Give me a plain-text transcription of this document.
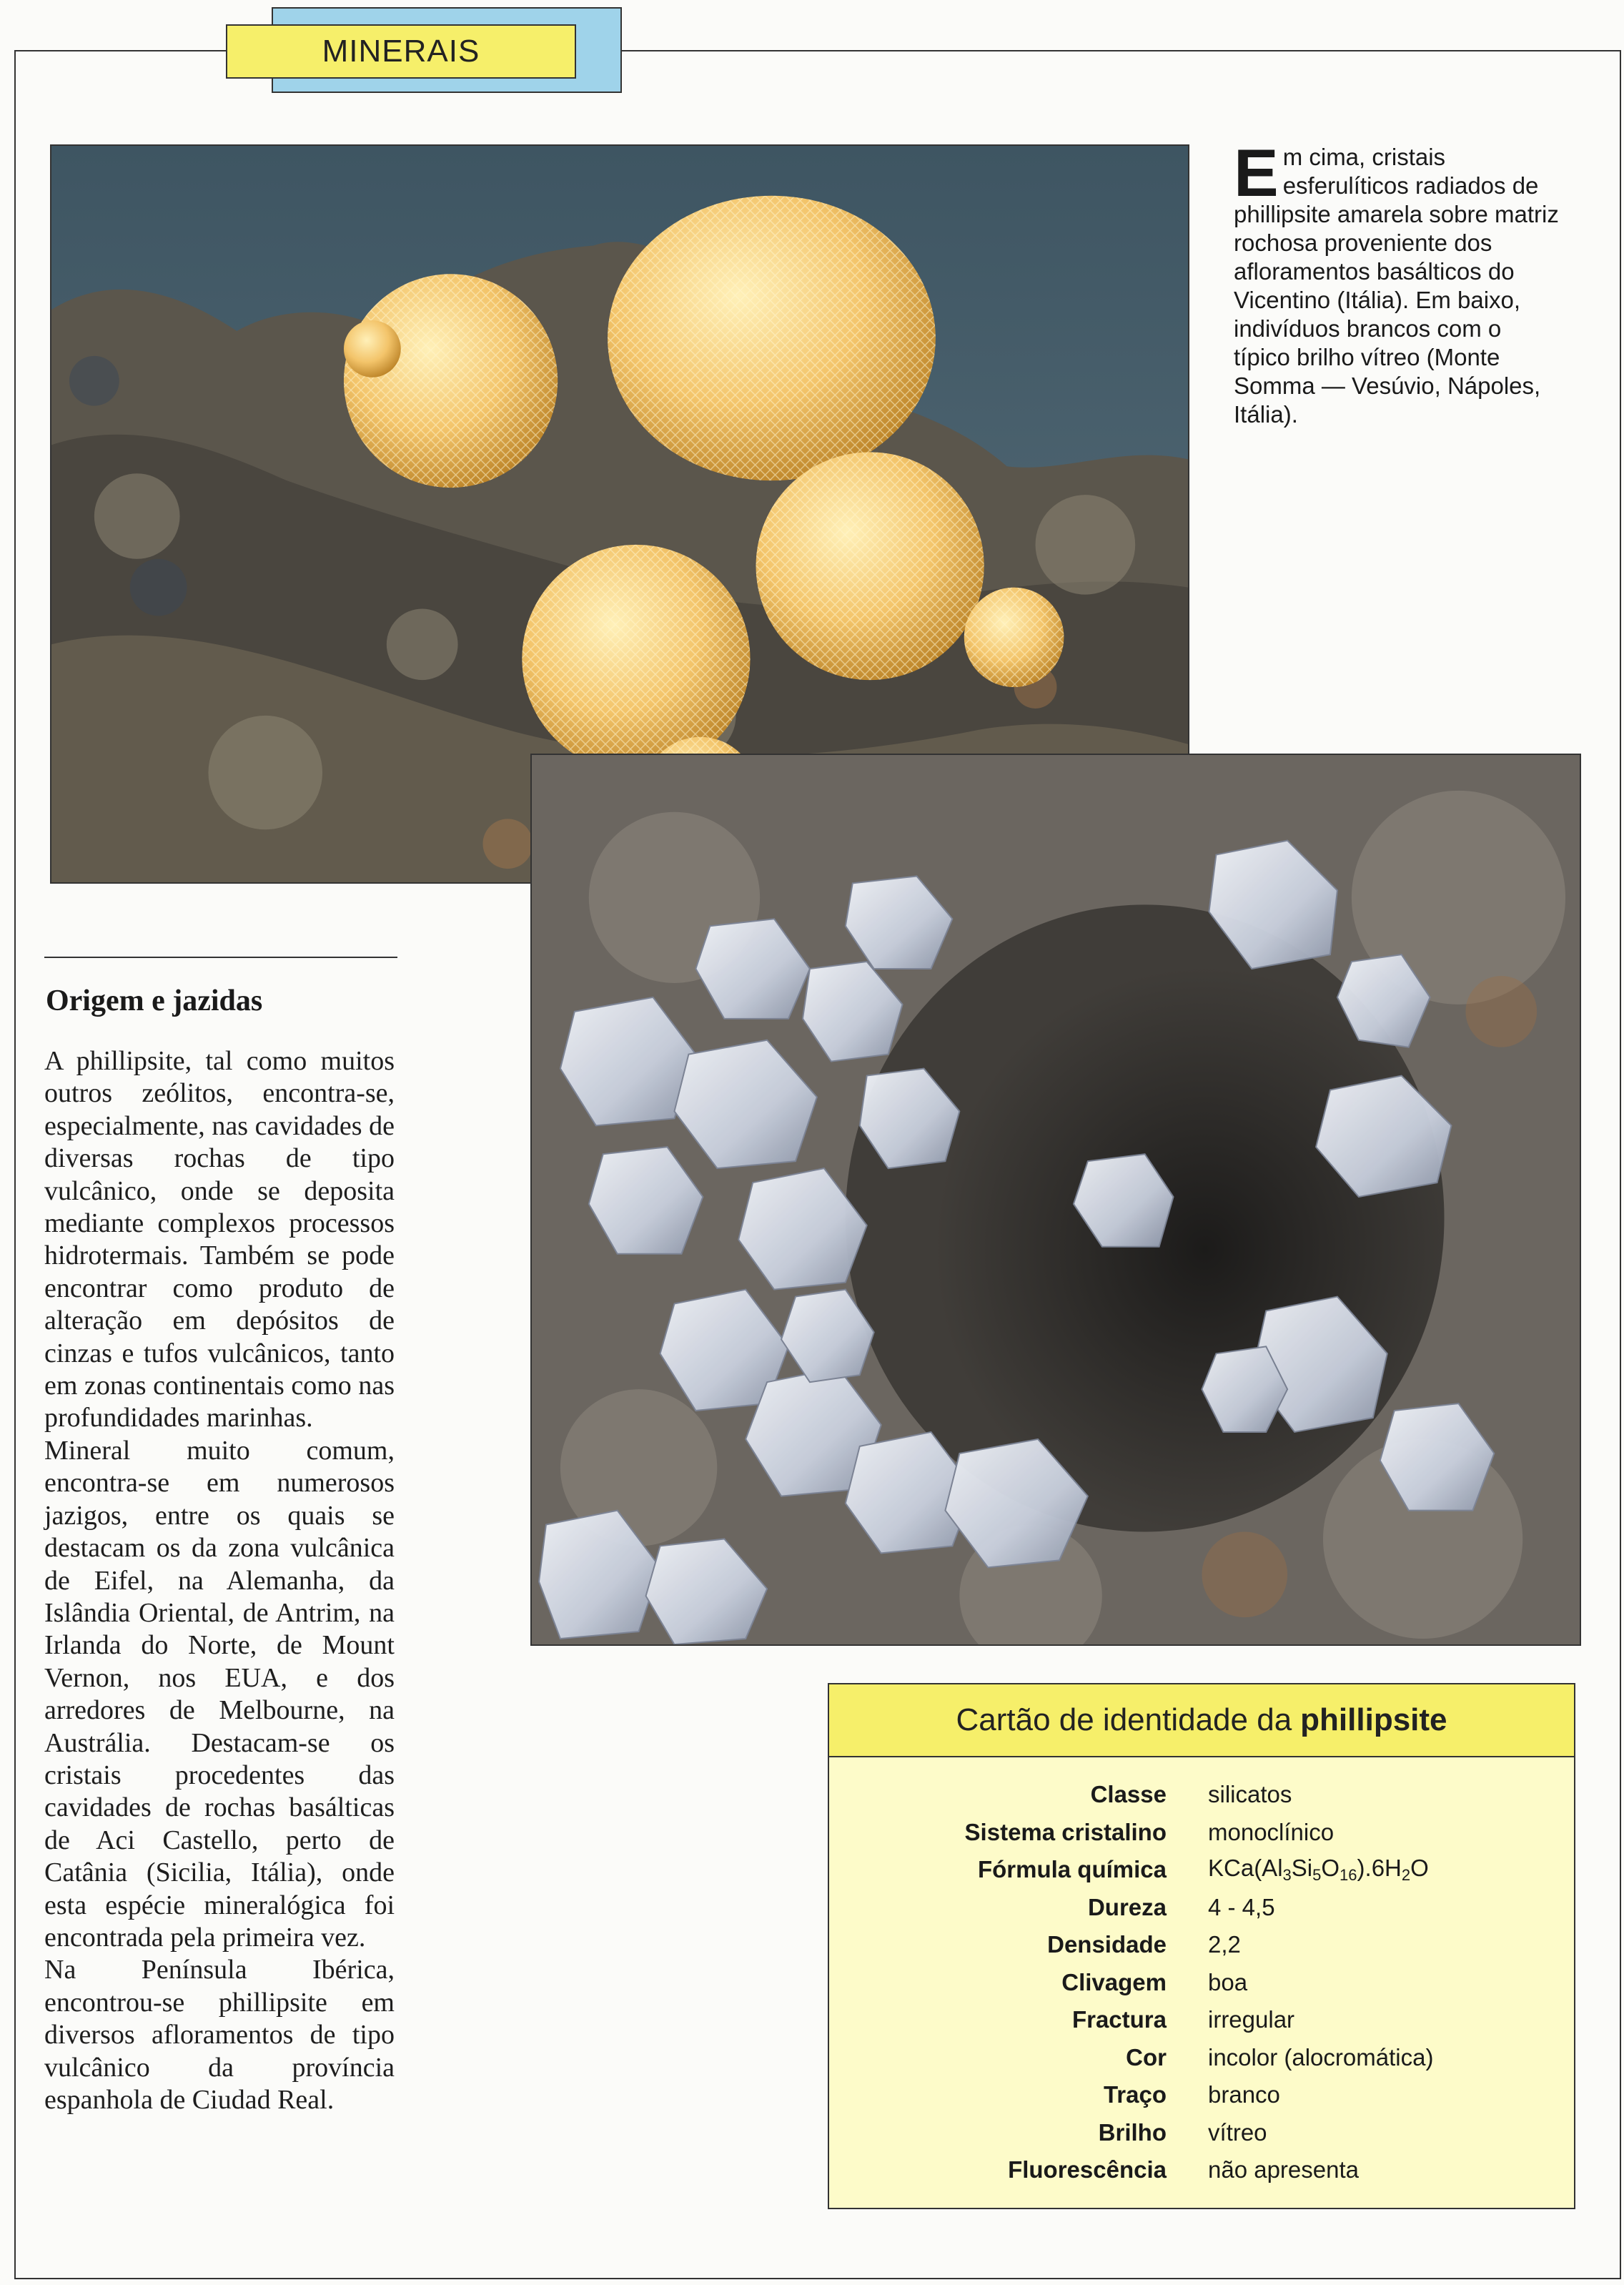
MINERAIS
Em cima, cristais esferulíticos radiados de phillipsite amarela sobre matriz rochosa proveniente dos afloramentos basálticos do Vicentino (Itália). Em baixo, indivíduos brancos com o típico brilho vítreo (Monte Somma — Vesúvio, Nápoles, Itália).
Origem e jazidas

A phillipsite, tal como muitos outros zeólitos, encontra-se, especialmente, nas cavidades de diversas rochas de tipo vulcânico, onde se deposita mediante complexos processos hidrotermais. Também se pode encontrar como produto de alteração em depósitos de cinzas e tufos vulcânicos, tanto em zonas continentais como nas profundidades marinhas.

Mineral muito comum, encontra-se em numerosos jazigos, entre os quais se destacam os da zona vulcânica de Eifel, na Alemanha, da Islândia Oriental, de Antrim, na Irlanda do Norte, de Mount Vernon, nos EUA, e dos arredores de Melbourne, na Austrália. Destacam-se os cristais procedentes das cavidades de rochas basálticas de Aci Castello, perto de Catânia (Sicilia, Itália), onde esta espécie mineralógica foi encontrada pela primeira vez.

Na Península Ibérica, encontrou-se phillipsite em diversos afloramentos de tipo vulcânico da província espanhola de Ciudad Real.

Cartão de identidade da phillipsite
Classe silicatos
Sistema cristalino monoclínico
Fórmula química $KCa(Al_3Si_5O_{16}).6H_2O$
Dureza 4 - 4,5
Densidade 2,2
Clivagem boa
Fractura irregular
Cor incolor (alocromática)
Traço branco
Brilho vítreo
Fluorescência não apresenta
